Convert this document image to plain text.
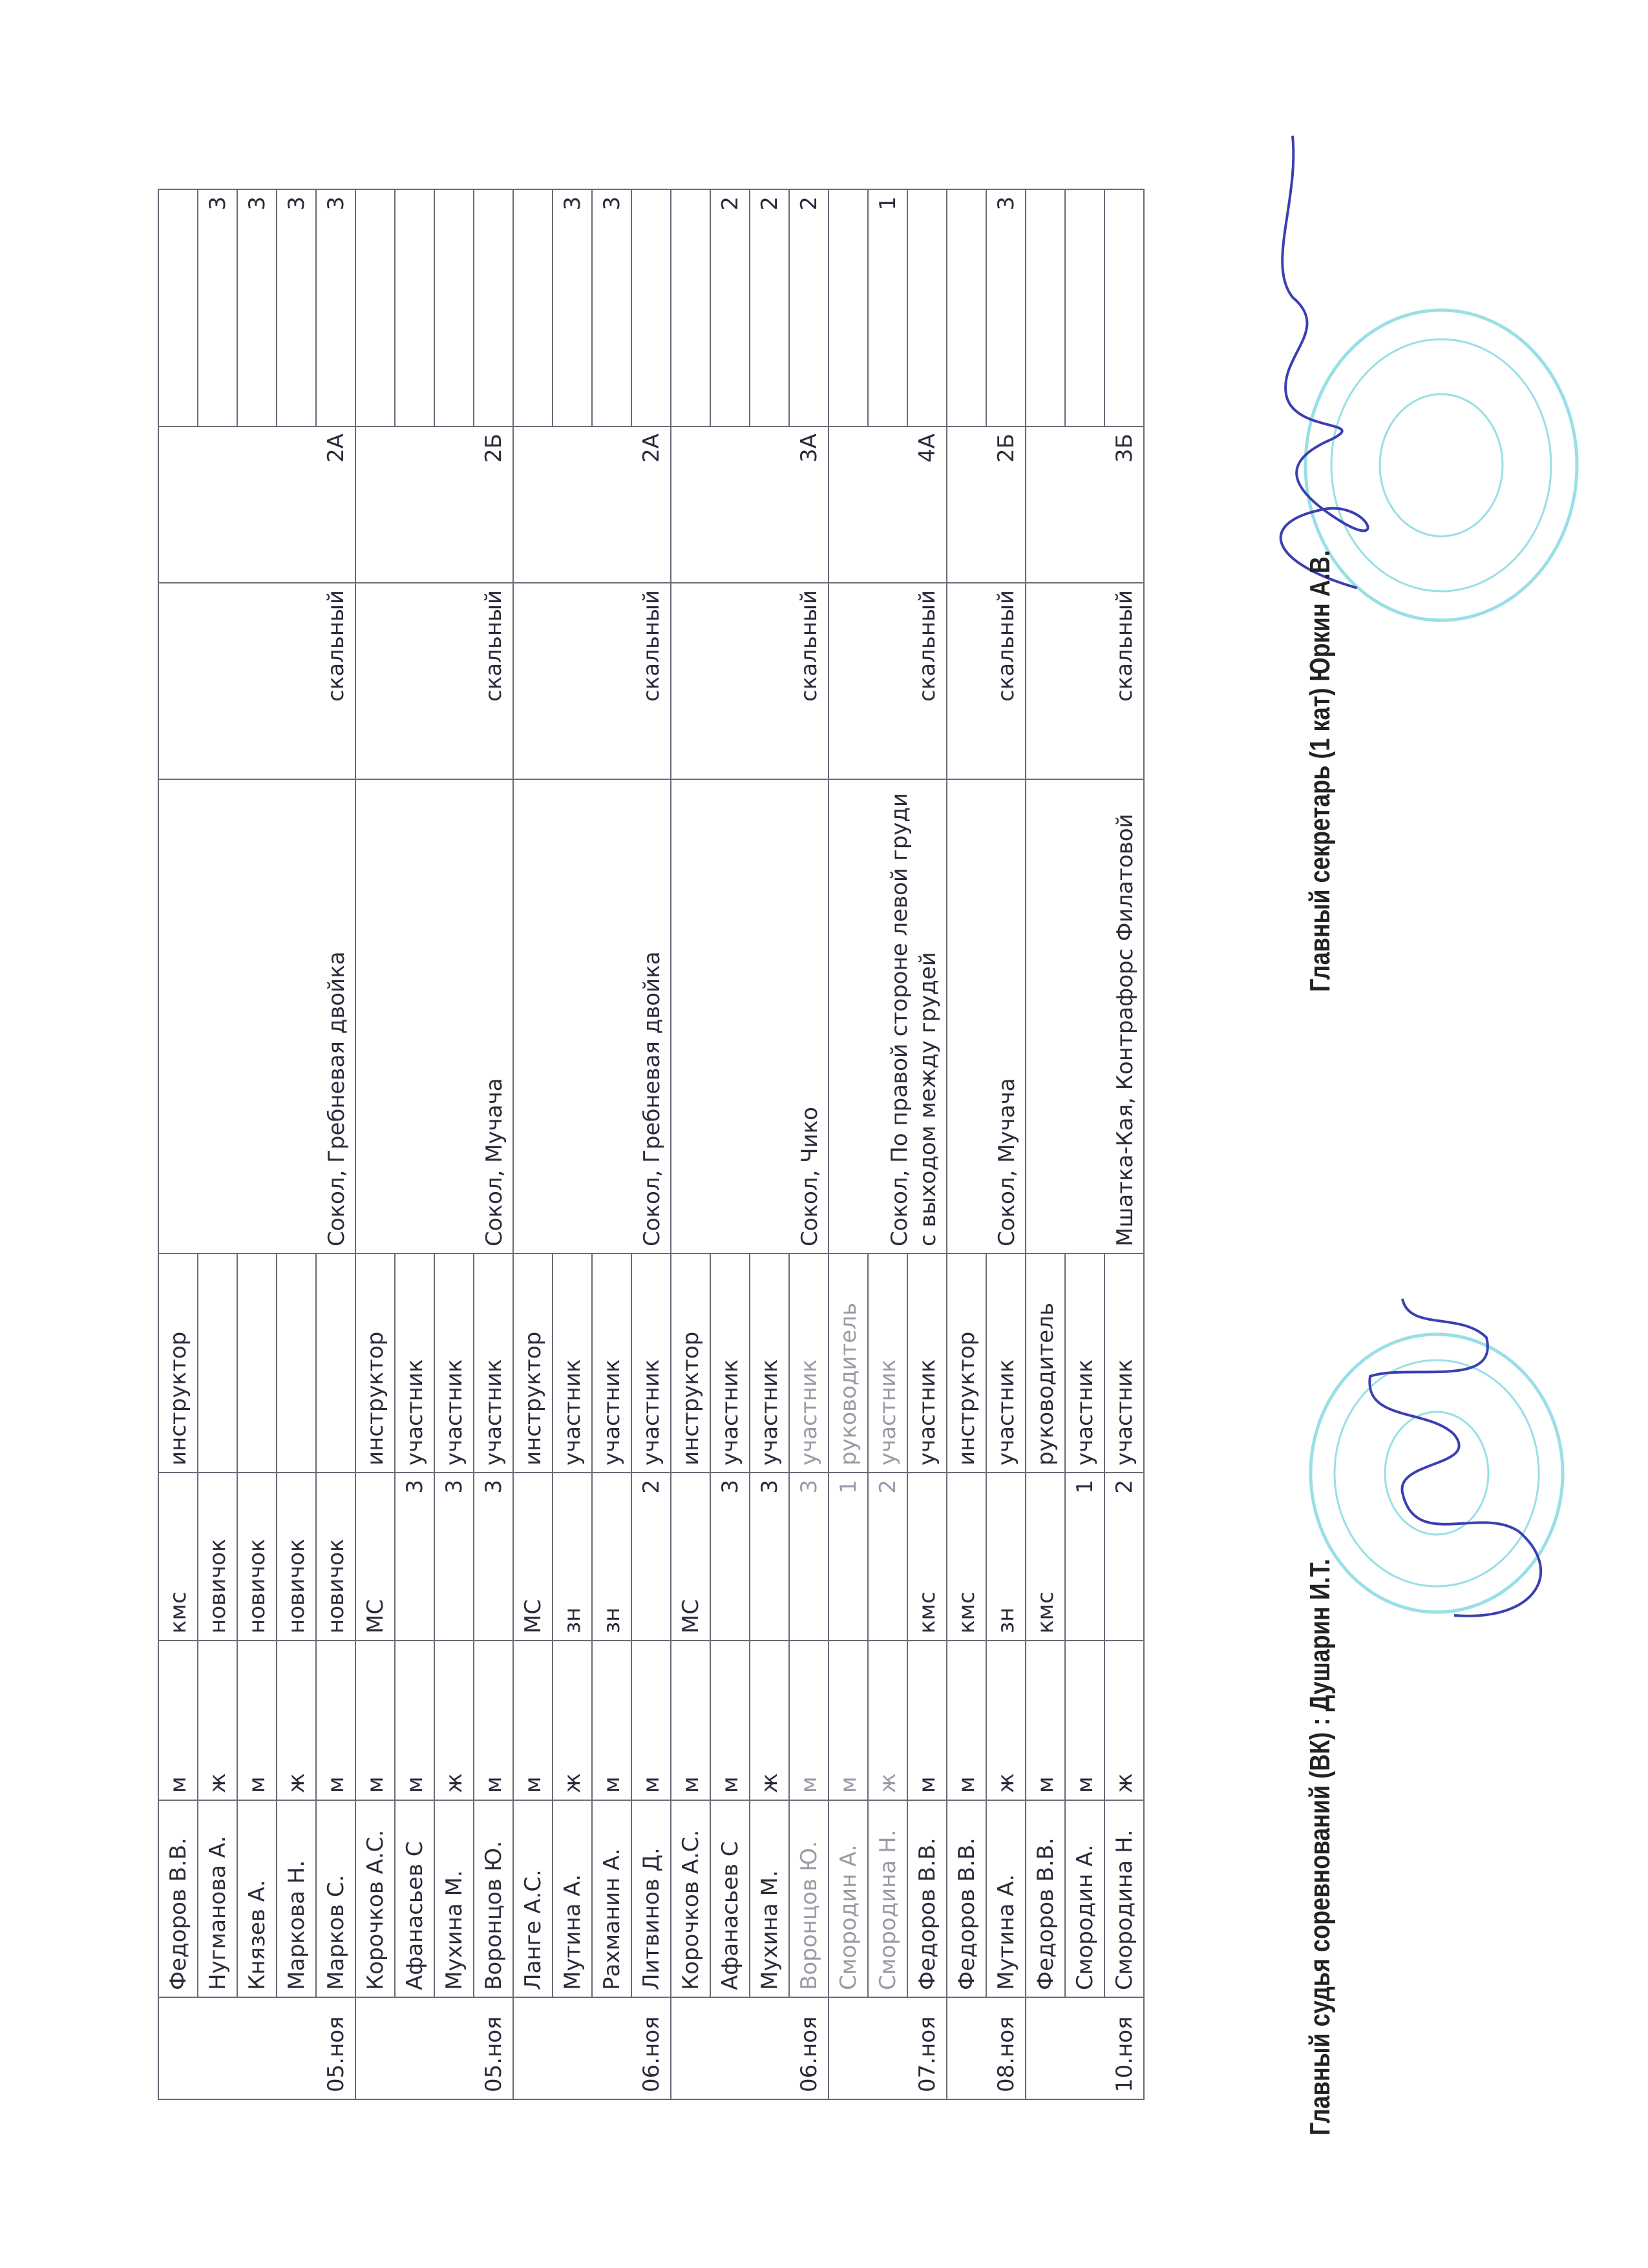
05.ноя	Федоров В.В.	м	кмс	инструктор	Сокол, Гребневая двойка	скальный	2А	
	Нугманова А.	ж	новичок					3
	Князев А.	м	новичок					3
	Маркова Н.	ж	новичок					3
	Марков С.	м	новичок					3
05.ноя	Корочков А.С.	м	МС	инструктор	Сокол, Мучача	скальный	2Б	
	Афанасьев С	м	3	участник				
	Мухина М.	ж	3	участник				
	Воронцов Ю.	м	3	участник				
06.ноя	Ланге А.С.	м	МС	инструктор	Сокол, Гребневая двойка	скальный	2А	
	Мутина А.	ж	зн	участник				3
	Рахманин А.	м	зн	участник				3
	Литвинов Д.	м	2	участник				
06.ноя	Корочков А.С.	м	МС	инструктор	Сокол, Чико	скальный	3А	
	Афанасьев С	м	3	участник				2
	Мухина М.	ж	3	участник				2
	Воронцов Ю.	м	3	участник				2
07.ноя	Смородин А.	м	1	руководитель	Сокол, По правой стороне левой груди с выходом между грудей	скальный	4А	
	Смородина Н.	ж	2	участник				1
	Федоров В.В.	м	кмс	участник				
08.ноя	Федоров В.В.	м	кмс	инструктор	Сокол, Мучача	скальный	2Б	
	Мутина А.	ж	зн	участник				3
10.ноя	Федоров В.В.	м	кмс	руководитель	Мшатка-Кая, Контрафорс Филатовой	скальный	3Б	
	Смородин А.	м	1	участник				
	Смородина Н.	ж	2	участник				
Главный судья соревнований (ВК) : Душарин И.Т.
Главный секретарь (1 кат) Юркин А.В.
